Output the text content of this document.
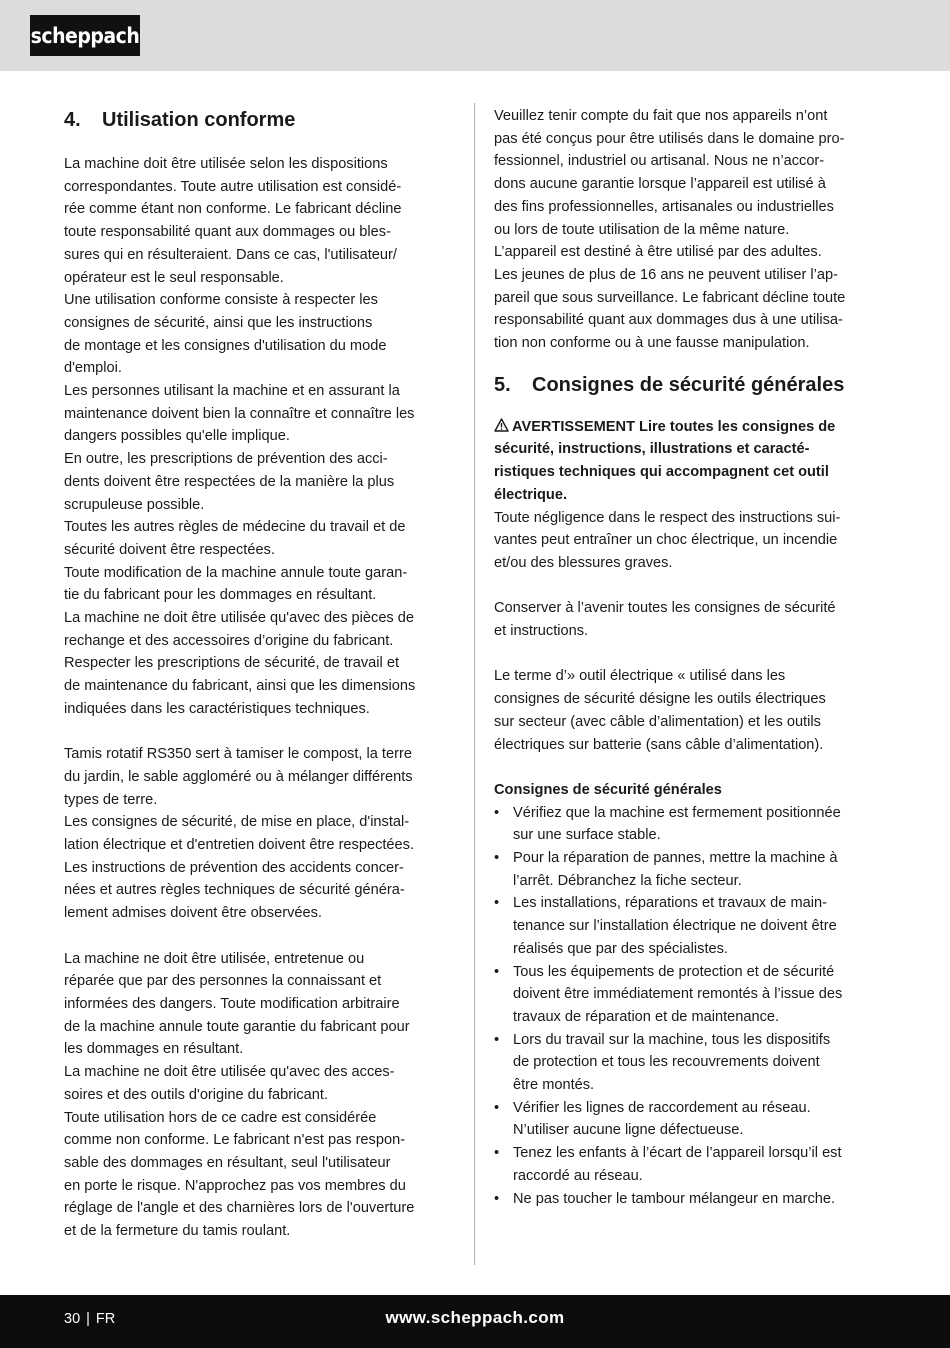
scheppach
4. Utilisation conforme

La machine doit être utilisée selon les dispositions

correspondantes. Toute autre utilisation est considé-

rée comme étant non conforme. Le fabricant décline

toute responsabilité quant aux dommages ou bles-

sures qui en résulteraient. Dans ce cas, l'utilisateur/

opérateur est le seul responsable.

Une utilisation conforme consiste à respecter les

consignes de sécurité, ainsi que les instructions

de montage et les consignes d'utilisation du mode

d'emploi.

Les personnes utilisant la machine et en assurant la

maintenance doivent bien la connaître et connaître les

dangers possibles qu'elle implique.

En outre, les prescriptions de prévention des acci-

dents doivent être respectées de la manière la plus

scrupuleuse possible.

Toutes les autres règles de médecine du travail et de

sécurité doivent être respectées.

Toute modification de la machine annule toute garan-

tie du fabricant pour les dommages en résultant.

La machine ne doit être utilisée qu'avec des pièces de

rechange et des accessoires d’origine du fabricant.

Respecter les prescriptions de sécurité, de travail et

de maintenance du fabricant, ainsi que les dimensions

indiquées dans les caractéristiques techniques.

Tamis rotatif RS350 sert à tamiser le compost, la terre

du jardin, le sable aggloméré ou à mélanger différents

types de terre.

Les consignes de sécurité, de mise en place, d'instal-

lation électrique et d'entretien doivent être respectées.

Les instructions de prévention des accidents concer-

nées et autres règles techniques de sécurité généra-

lement admises doivent être observées.

La machine ne doit être utilisée, entretenue ou

réparée que par des personnes la connaissant et

informées des dangers. Toute modification arbitraire

de la machine annule toute garantie du fabricant pour

les dommages en résultant.

La machine ne doit être utilisée qu'avec des acces-

soires et des outils d'origine du fabricant.

Toute utilisation hors de ce cadre est considérée

comme non conforme. Le fabricant n'est pas respon-

sable des dommages en résultant, seul l'utilisateur

en porte le risque. N'approchez pas vos membres du

réglage de l'angle et des charnières lors de l'ouverture

et de la fermeture du tamis roulant.

Veuillez tenir compte du fait que nos appareils n’ont

pas été conçus pour être utilisés dans le domaine pro-

fessionnel, industriel ou artisanal. Nous ne n’accor-

dons aucune garantie lorsque l’appareil est utilisé à

des fins professionnelles, artisanales ou industrielles

ou lors de toute utilisation de la même nature.

L’appareil est destiné à être utilisé par des adultes.

Les jeunes de plus de 16 ans ne peuvent utiliser l’ap-

pareil que sous surveillance. Le fabricant décline toute

responsabilité quant aux dommages dus à une utilisa-

tion non conforme ou à une fausse manipulation.

5. Consignes de sécurité générales

AVERTISSEMENT Lire toutes les consignes de

sécurité, instructions, illustrations et caracté-

ristiques techniques qui accompagnent cet outil

électrique.

Toute négligence dans le respect des instructions sui-

vantes peut entraîner un choc électrique, un incendie

et/ou des blessures graves.

Conserver à l’avenir toutes les consignes de sécurité

et instructions.

Le terme d’» outil électrique « utilisé dans les

consignes de sécurité désigne les outils électriques

sur secteur (avec câble d’alimentation) et les outils

électriques sur batterie (sans câble d’alimentation).

Consignes de sécurité générales

• Vérifiez que la machine est fermement positionnée
sur une surface stable.
• Pour la réparation de pannes, mettre la machine à
l’arrêt. Débranchez la fiche secteur.
• Les installations, réparations et travaux de main-
tenance sur l’installation électrique ne doivent être
réalisés que par des spécialistes.
• Tous les équipements de protection et de sécurité
doivent être immédiatement remontés à l’issue des
travaux de réparation et de maintenance.
• Lors du travail sur la machine, tous les dispositifs
de protection et tous les recouvrements doivent
être montés.
• Vérifier les lignes de raccordement au réseau.
N’utiliser aucune ligne défectueuse.
• Tenez les enfants à l’écart de l’appareil lorsqu’il est
raccordé au réseau.
• Ne pas toucher le tambour mélangeur en marche.
30 | FR	www.scheppach.com
